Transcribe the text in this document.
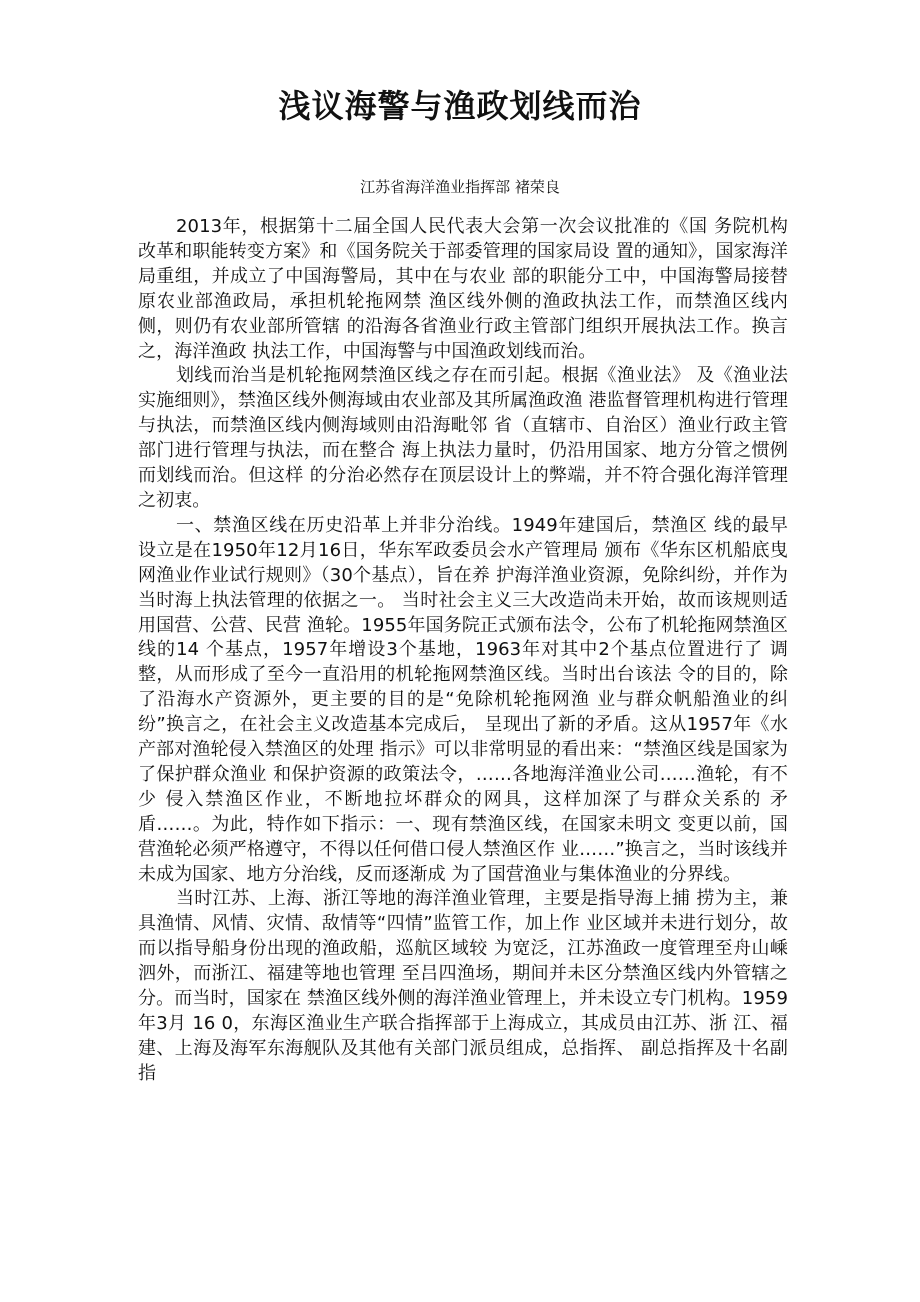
浅议海警与渔政划线而治

江苏省海洋渔业指挥部 褚荣良

2013年，根据第十二届全国人民代表大会第一次会议批准的《国 务院机构改革和职能转变方案》和《国务院关于部委管理的国家局设 置的通知》，国家海洋局重组，并成立了中国海警局，其中在与农业 部的职能分工中，中国海警局接替原农业部渔政局，承担机轮拖网禁 渔区线外侧的渔政执法工作，而禁渔区线内侧，则仍有农业部所管辖 的沿海各省渔业行政主管部门组织开展执法工作。换言之，海洋渔政 执法工作，中国海警与中国渔政划线而治。

划线而治当是机轮拖网禁渔区线之存在而引起。根据《渔业法》 及《渔业法实施细则》，禁渔区线外侧海域由农业部及其所属渔政渔 港监督管理机构进行管理与执法，而禁渔区线内侧海域则由沿海毗邻 省（直辖市、自治区）渔业行政主管部门进行管理与执法，而在整合 海上执法力量时，仍沿用国家、地方分管之惯例而划线而治。但这样 的分治必然存在顶层设计上的弊端，并不符合强化海洋管理之初衷。

一、禁渔区线在历史沿革上并非分治线。1949年建国后，禁渔区 线的最早设立是在1950年12月16日，华东军政委员会水产管理局 颁布《华东区机船底曳网渔业作业试行规则》（30个基点），旨在养 护海洋渔业资源，免除纠纷，并作为当时海上执法管理的依据之一。 当时社会主义三大改造尚未开始，故而该规则适用国营、公营、民营 渔轮。1955年国务院正式颁布法令，公布了机轮拖网禁渔区线的14 个基点，1957年增设3个基地，1963年对其中2个基点位置进行了 调整，从而形成了至今一直沿用的机轮拖网禁渔区线。当时出台该法 令的目的，除了沿海水产资源外，更主要的目的是“免除机轮拖网渔 业与群众帆船渔业的纠纷”换言之，在社会主义改造基本完成后， 呈现出了新的矛盾。这从1957年《水产部对渔轮侵入禁渔区的处理 指示》可以非常明显的看出来：“禁渔区线是国家为了保护群众渔业 和保护资源的政策法令，……各地海洋渔业公司……渔轮，有不少 侵入禁渔区作业，不断地拉坏群众的网具，这样加深了与群众关系的 矛盾……。为此，特作如下指示：一、现有禁渔区线，在国家未明文 变更以前，国营渔轮必须严格遵守，不得以任何借口侵人禁渔区作 业……”换言之，当时该线并未成为国家、地方分治线，反而逐渐成 为了国营渔业与集体渔业的分界线。

当时江苏、上海、浙江等地的海洋渔业管理，主要是指导海上捕 捞为主，兼具渔情、风情、灾情、敌情等“四情”监管工作，加上作 业区域并未进行划分，故而以指导船身份出现的渔政船，巡航区域较 为宽泛，江苏渔政一度管理至舟山嵊泗外，而浙江、福建等地也管理 至吕四渔场，期间并未区分禁渔区线内外管辖之分。而当时，国家在 禁渔区线外侧的海洋渔业管理上，并未设立专门机构。1959年3月 16 0，东海区渔业生产联合指挥部于上海成立，其成员由江苏、浙 江、福建、上海及海军东海舰队及其他有关部门派员组成，总指挥、 副总指挥及十名副指
